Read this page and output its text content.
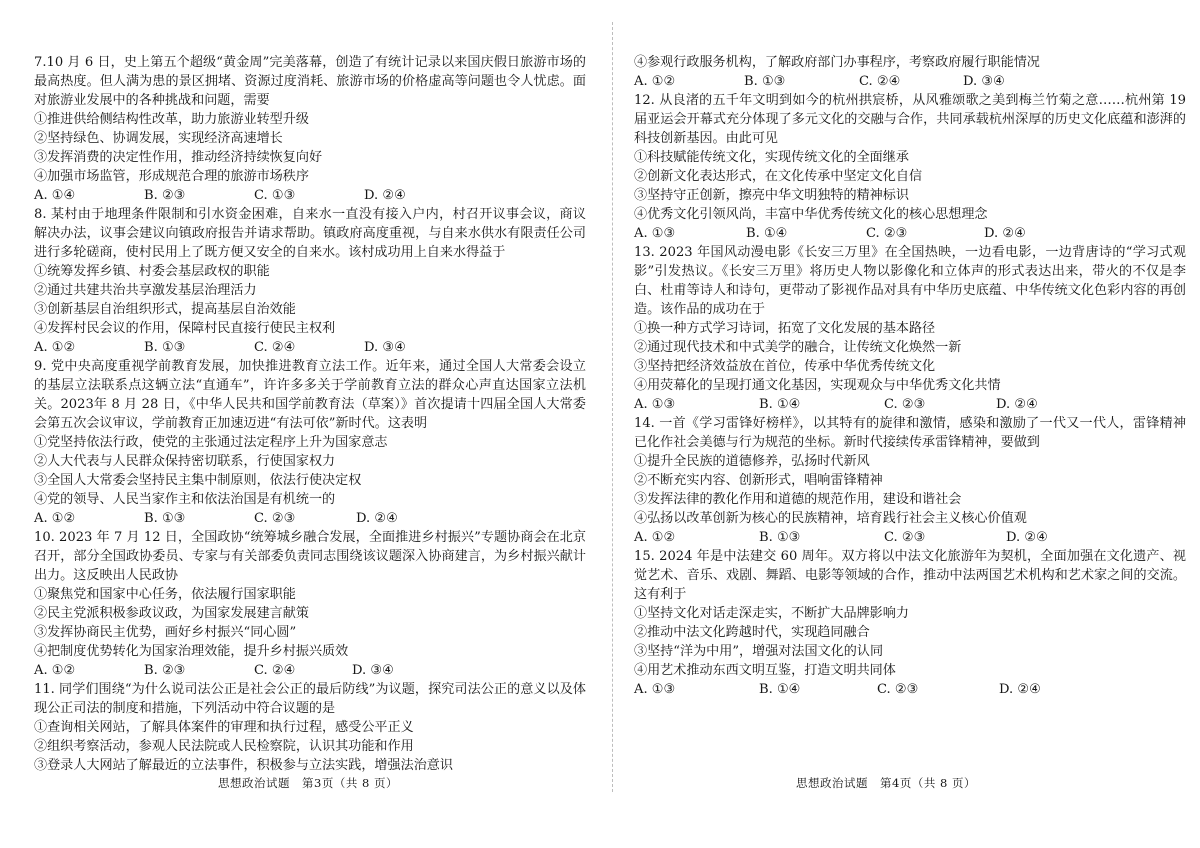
7.10 月 6 日，史上第五个超级“黄金周”完美落幕，创造了有统计记录以来国庆假日旅游市场的最高热度。但人满为患的景区拥堵、资源过度消耗、旅游市场的价格虚高等问题也令人忧虑。面对旅游业发展中的各种挑战和问题，需要
①推进供给侧结构性改革，助力旅游业转型升级
②坚持绿色、协调发展，实现经济高速增长
③发挥消费的决定性作用，推动经济持续恢复向好
④加强市场监管，形成规范合理的旅游市场秩序
A. ①④	B. ②③	C. ①③	D. ②④
8. 某村由于地理条件限制和引水资金困难，自来水一直没有接入户内，村召开议事会议，商议解决办法，议事会建议向镇政府报告并请求帮助。镇政府高度重视，与自来水供水有限责任公司进行多轮磋商，使村民用上了既方便又安全的自来水。该村成功用上自来水得益于
①统筹发挥乡镇、村委会基层政权的职能
②通过共建共治共享激发基层治理活力
③创新基层自治组织形式，提高基层自治效能
④发挥村民会议的作用，保障村民直接行使民主权利
A. ①②	B. ①③	C. ②④	D. ③④
9. 党中央高度重视学前教育发展，加快推进教育立法工作。近年来，通过全国人大常委会设立的基层立法联系点这辆立法“直通车”，许许多多关于学前教育立法的群众心声直达国家立法机关。2023年 8 月 28 日，《中华人民共和国学前教育法（草案）》首次提请十四届全国人大常委会第五次会议审议，学前教育正加速迈进“有法可依”新时代。这表明
①党坚持依法行政，使党的主张通过法定程序上升为国家意志
②人大代表与人民群众保持密切联系，行使国家权力
③全国人大常委会坚持民主集中制原则，依法行使决定权
④党的领导、人民当家作主和依法治国是有机统一的
A. ①②	B. ①③	C. ②③	D. ②④
10. 2023 年 7 月 12 日，全国政协“统筹城乡融合发展，全面推进乡村振兴”专题协商会在北京召开，部分全国政协委员、专家与有关部委负责同志围绕该议题深入协商建言，为乡村振兴献计出力。这反映出人民政协
①聚焦党和国家中心任务，依法履行国家职能
②民主党派积极参政议政，为国家发展建言献策
③发挥协商民主优势，画好乡村振兴“同心圆”
④把制度优势转化为国家治理效能，提升乡村振兴质效
A. ①②	B. ②③	C. ②④	D. ③④
11. 同学们围绕“为什么说司法公正是社会公正的最后防线”为议题，探究司法公正的意义以及体现公正司法的制度和措施，下列活动中符合议题的是
①查询相关网站，了解具体案件的审理和执行过程，感受公平正义
②组织考察活动，参观人民法院或人民检察院，认识其功能和作用
③登录人大网站了解最近的立法事件，积极参与立法实践，增强法治意识
④参观行政服务机构，了解政府部门办事程序，考察政府履行职能情况
A. ①②	B. ①③	C. ②④	D. ③④
12. 从良渚的五千年文明到如今的杭州拱宸桥，从风雅颂歌之美到梅兰竹菊之意……杭州第 19 届亚运会开幕式充分体现了多元文化的交融与合作，共同承载杭州深厚的历史文化底蕴和澎湃的科技创新基因。由此可见
①科技赋能传统文化，实现传统文化的全面继承
②创新文化表达形式，在文化传承中坚定文化自信
③坚持守正创新，擦亮中华文明独特的精神标识
④优秀文化引领风尚，丰富中华优秀传统文化的核心思想理念
A. ①③	B. ①④	C. ②③	D. ②④
13. 2023 年国风动漫电影《长安三万里》在全国热映，一边看电影，一边背唐诗的“学习式观影”引发热议。《长安三万里》将历史人物以影像化和立体声的形式表达出来，带火的不仅是李白、杜甫等诗人和诗句，更带动了影视作品对具有中华历史底蕴、中华传统文化色彩内容的再创造。该作品的成功在于
①换一种方式学习诗词，拓宽了文化发展的基本路径
②通过现代技术和中式美学的融合，让传统文化焕然一新
③坚持把经济效益放在首位，传承中华优秀传统文化
④用荧幕化的呈现打通文化基因，实现观众与中华优秀文化共情
A. ①③	B. ①④	C. ②③	D. ②④
14. 一首《学习雷锋好榜样》，以其特有的旋律和激情，感染和激励了一代又一代人，雷锋精神已化作社会美德与行为规范的坐标。新时代接续传承雷锋精神，要做到
①提升全民族的道德修养，弘扬时代新风
②不断充实内容、创新形式，唱响雷锋精神
③发挥法律的教化作用和道德的规范作用，建设和谐社会
④弘扬以改革创新为核心的民族精神，培育践行社会主义核心价值观
A. ①②	B. ①③	C. ②③	D. ②④
15. 2024 年是中法建交 60 周年。双方将以中法文化旅游年为契机，全面加强在文化遗产、视觉艺术、音乐、戏剧、舞蹈、电影等领域的合作，推动中法两国艺术机构和艺术家之间的交流。这有利于
①坚持文化对话走深走实，不断扩大品牌影响力
②推动中法文化跨越时代，实现趋同融合
③坚持“洋为中用”，增强对法国文化的认同
④用艺术推动东西文明互鉴，打造文明共同体
A. ①③	B. ①④	C. ②③	D. ②④
思想政治试题　第3页（共 8 页）	思想政治试题　第4页（共 8 页）
